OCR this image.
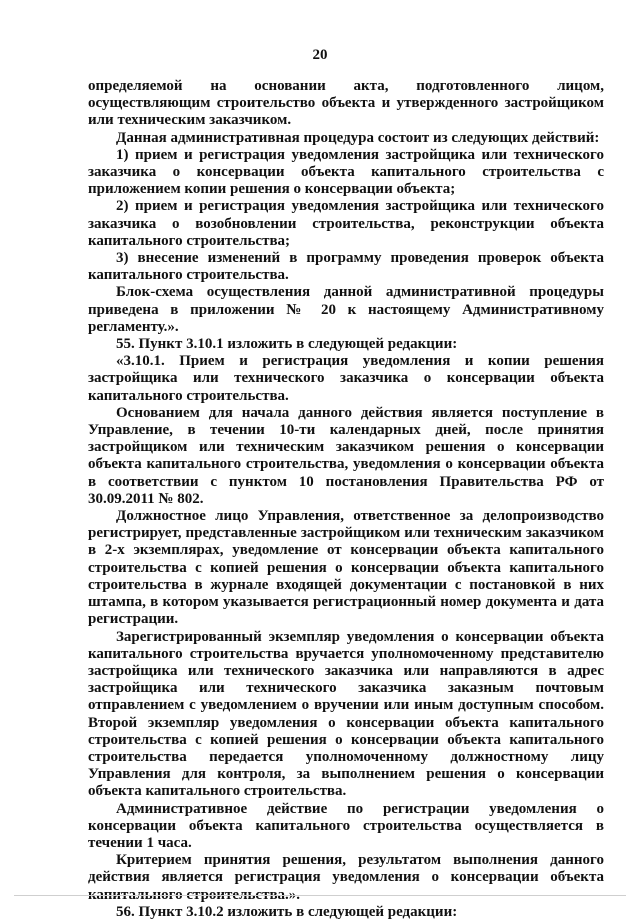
20

определяемой на основании акта, подготовленного лицом, осуществляющим строительство объекта и утвержденного застройщиком или техническим заказчиком.

Данная административная процедура состоит из следующих действий:

1) прием и регистрация уведомления застройщика или технического заказчика о консервации объекта капитального строительства с приложением копии решения о консервации объекта;

2) прием и регистрация уведомления застройщика или технического заказчика о возобновлении строительства, реконструкции объекта капитального строительства;

3) внесение изменений в программу проведения проверок объекта капитального строительства.

Блок-схема осуществления данной административной процедуры приведена в приложении № 20 к настоящему Административному регламенту.».

55. Пункт 3.10.1 изложить в следующей редакции:

«3.10.1. Прием и регистрация уведомления и копии решения застройщика или технического заказчика о консервации объекта капитального строительства.

Основанием для начала данного действия является поступление в Управление, в течении 10-ти календарных дней, после принятия застройщиком или техническим заказчиком решения о консервации объекта капитального строительства, уведомления о консервации объекта в соответствии с пунктом 10 постановления Правительства РФ от 30.09.2011 № 802.

Должностное лицо Управления, ответственное за делопроизводство регистрирует, представленные застройщиком или техническим заказчиком в 2-х экземплярах, уведомление от консервации объекта капитального строительства с копией решения о консервации объекта капитального строительства в журнале входящей документации с постановкой в них штампа, в котором указывается регистрационный номер документа и дата регистрации.

Зарегистрированный экземпляр уведомления о консервации объекта капитального строительства вручается уполномоченному представителю застройщика или технического заказчика или направляются в адрес застройщика или технического заказчика заказным почтовым отправлением с уведомлением о вручении или иным доступным способом. Второй экземпляр уведомления о консервации объекта капитального строительства с копией решения о консервации объекта капитального строительства передается уполномоченному должностному лицу Управления для контроля, за выполнением решения о консервации объекта капитального строительства.

Административное действие по регистрации уведомления о консервации объекта капитального строительства осуществляется в течении 1 часа.

Критерием принятия решения, результатом выполнения данного действия является регистрация уведомления о консервации объекта капитального строительства.».

56. Пункт 3.10.2 изложить в следующей редакции:
